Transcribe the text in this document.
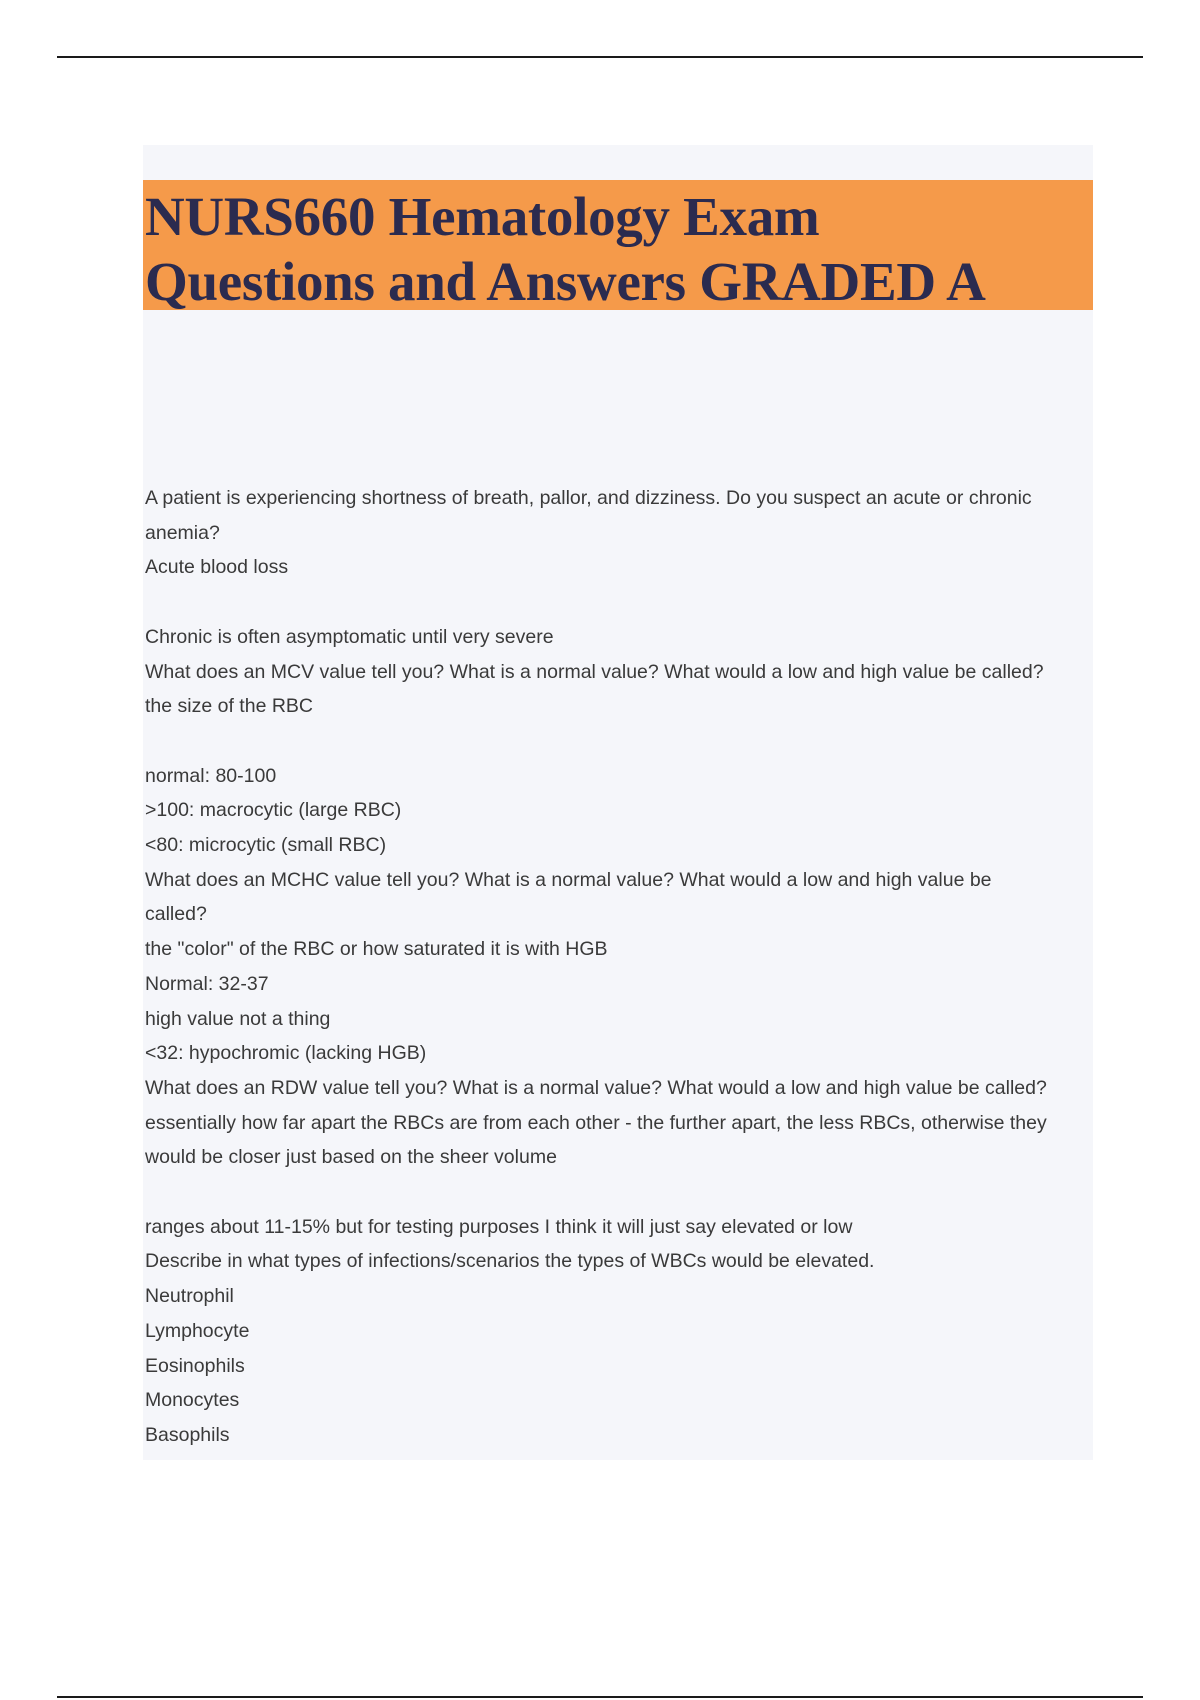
NURS660 Hematology Exam
Questions and Answers GRADED A
A patient is experiencing shortness of breath, pallor, and dizziness. Do you suspect an acute or chronic
anemia?
Acute blood loss
Chronic is often asymptomatic until very severe
What does an MCV value tell you? What is a normal value? What would a low and high value be called?
the size of the RBC
normal: 80-100
>100: macrocytic (large RBC)
<80: microcytic (small RBC)
What does an MCHC value tell you? What is a normal value? What would a low and high value be
called?
the "color" of the RBC or how saturated it is with HGB
Normal: 32-37
high value not a thing
<32: hypochromic (lacking HGB)
What does an RDW value tell you? What is a normal value? What would a low and high value be called?
essentially how far apart the RBCs are from each other - the further apart, the less RBCs, otherwise they
would be closer just based on the sheer volume
ranges about 11-15% but for testing purposes I think it will just say elevated or low
Describe in what types of infections/scenarios the types of WBCs would be elevated.
Neutrophil
Lymphocyte
Eosinophils
Monocytes
Basophils
